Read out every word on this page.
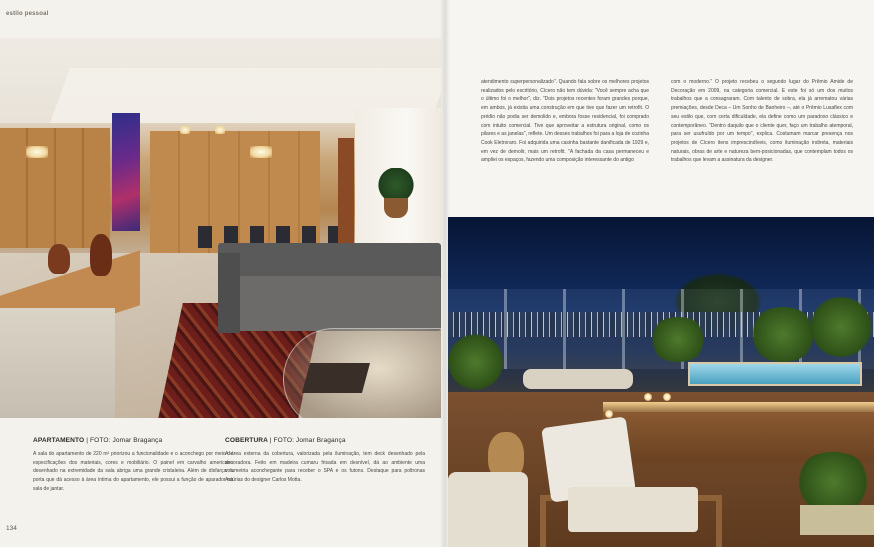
estilo pessoal
134

APARTAMENTO | FOTO: Jomar Bragança

A sala do apartamento de 220 m² priorizou a funcionalidade e o aconchego por meio de especificações dos materiais, cores e mobiliário. O painel em carvalho americano desenhado na extremidade da sala abriga uma grande cristaleira. Além de disfarçar a porta que dá acesso à área íntima do apartamento, ele possui a função de aparador na sala de jantar.

COBERTURA | FOTO: Jomar Bragança

A área externa da cobertura, valorizada pela iluminação, tem deck desenhado pela decoradora. Feito em madeira cumaru frisada em desnível, dá ao ambiente uma volumetria aconchegante para receber o SPA e os futons. Destaque para poltronas Astúrias do designer Carlos Motta.

atendimento superpersonalizado". Quando fala sobre os melhores projetos realizados pelo escritório, Cícero não tem dúvida: "Você sempre acha que o último foi o melhor", diz. "Dois projetos recentes foram grandes porque, em ambos, já existia uma construção em que tive que fazer um retrofit. O prédio não podia ser demolido e, embora fosse residencial, foi comprado com intuito comercial. Tive que aproveitar a estrutura original, como os pilares e as janelas", reflete. Um desses trabalhos foi para a loja de cozinha Cook Eletroraro. Foi adquirida uma casinha bastante danificada de 1929 e, em vez de demolir, mais um retrofit. "A fachada da casa permaneceu e ampliei os espaços, fazendo uma composição interessante do antigo

com o moderno." O projeto recebeu o segundo lugar do Prêmio Amide de Decoração em 2009, na categoria comercial. E este foi só um dos muitos trabalhos que a consagraram. Com talento de sobra, ela já arrematou várias premiações, desde Deca – Um Sonho de Banheiro –, até o Prêmio Lusaflex com seu estilo que, com certa dificuldade, ela define como um paradoxo clássico e contemporâneo. "Dentro daquilo que o cliente quer, faço um trabalho atemporal, para ser usufruído por um tempo", explica. Costumam marcar presença nos projetos de Cícero itens imprescindíveis, como iluminação indireta, materiais naturais, obras de arte e natureza bem-posicionadas, que contemplam todos os trabalhos que levam a assinatura da designer.
